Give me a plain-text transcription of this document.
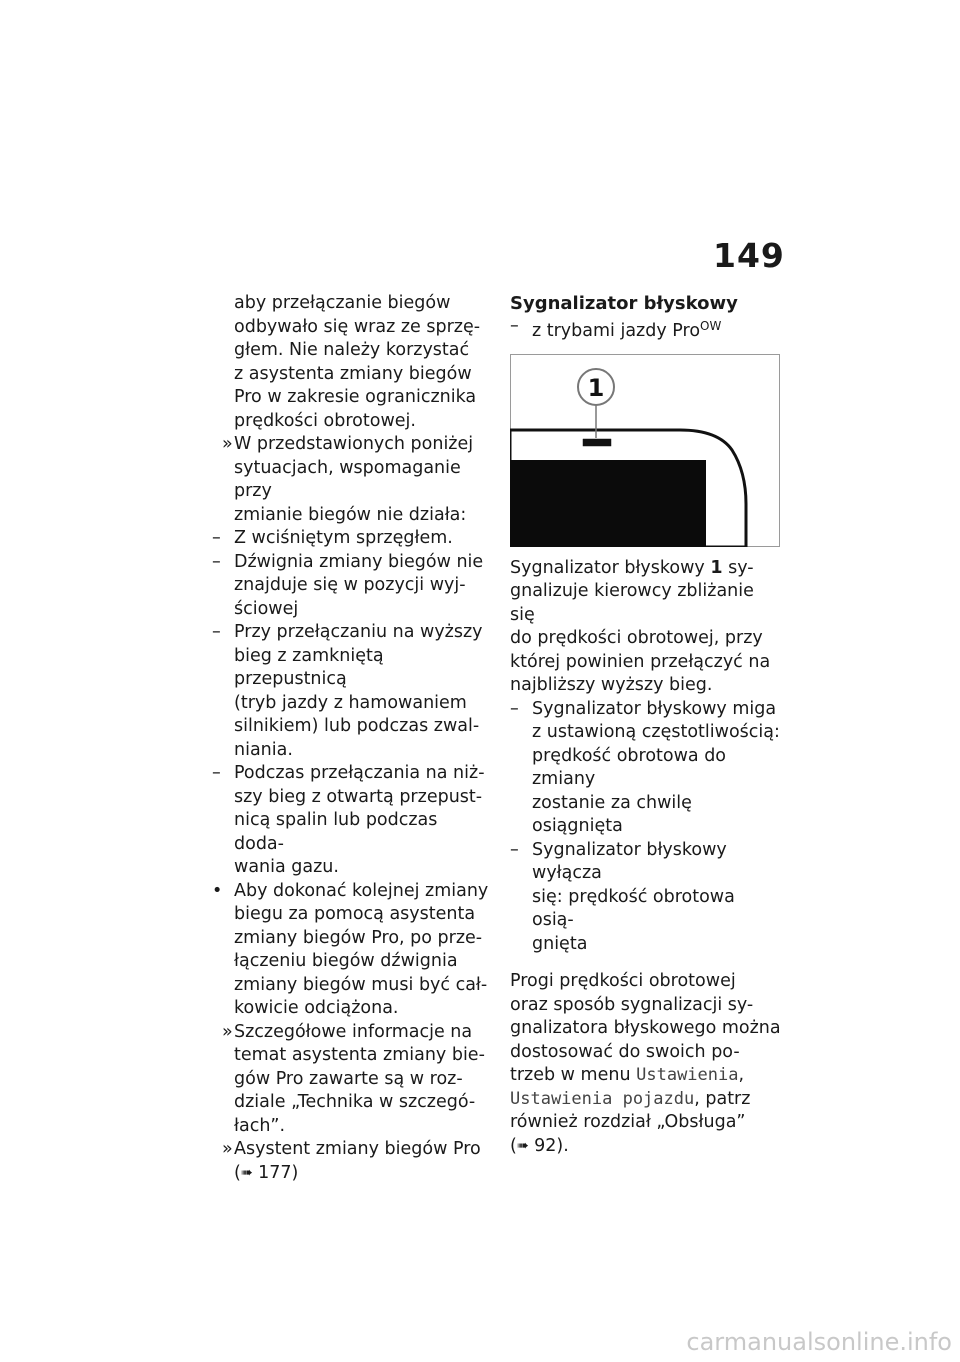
149
aby przełączanie biegów
odbywało się wraz ze sprzę-
głem. Nie należy korzystać
z asystenta zmiany biegów
Pro w zakresie ogranicznika
prędkości obrotowej.
» W przedstawionych poniżej
sytuacjach, wspomaganie przy
zmianie biegów nie działa:
– Z wciśniętym sprzęgłem.
– Dźwignia zmiany biegów nie
znajduje się w pozycji wyj-
ściowej
– Przy przełączaniu na wyższy
bieg z zamkniętą przepustnicą
(tryb jazdy z hamowaniem
silnikiem) lub podczas zwal-
niania.
– Podczas przełączania na niż-
szy bieg z otwartą przepust-
nicą spalin lub podczas doda-
wania gazu.
• Aby dokonać kolejnej zmiany
biegu za pomocą asystenta
zmiany biegów Pro, po prze-
łączeniu biegów dźwignia
zmiany biegów musi być cał-
kowicie odciążona.
» Szczegółowe informacje na
temat asystenta zmiany bie-
gów Pro zawarte są w roz-
dziale „Technika w szczegó-
łach”.
» Asystent zmiany biegów Pro
(➠ 177)
Sygnalizator błyskowy
– z trybami jazdy Pro$^{OW}$
1
Sygnalizator błyskowy 1 sy-
gnalizuje kierowcy zbliżanie się
do prędkości obrotowej, przy
której powinien przełączyć na
najbliższy wyższy bieg.
– Sygnalizator błyskowy miga
z ustawioną częstotliwością:
prędkość obrotowa do zmiany
zostanie za chwilę osiągnięta
– Sygnalizator błyskowy wyłącza
się: prędkość obrotowa osią-
gnięta
Progi prędkości obrotowej
oraz sposób sygnalizacji sy-
gnalizatora błyskowego można
dostosować do swoich po-
trzeb w menu Ustawienia,
Ustawienia pojazdu, patrz
również rozdział „Obsługa”
(➠ 92).
carmanualsonline.info
